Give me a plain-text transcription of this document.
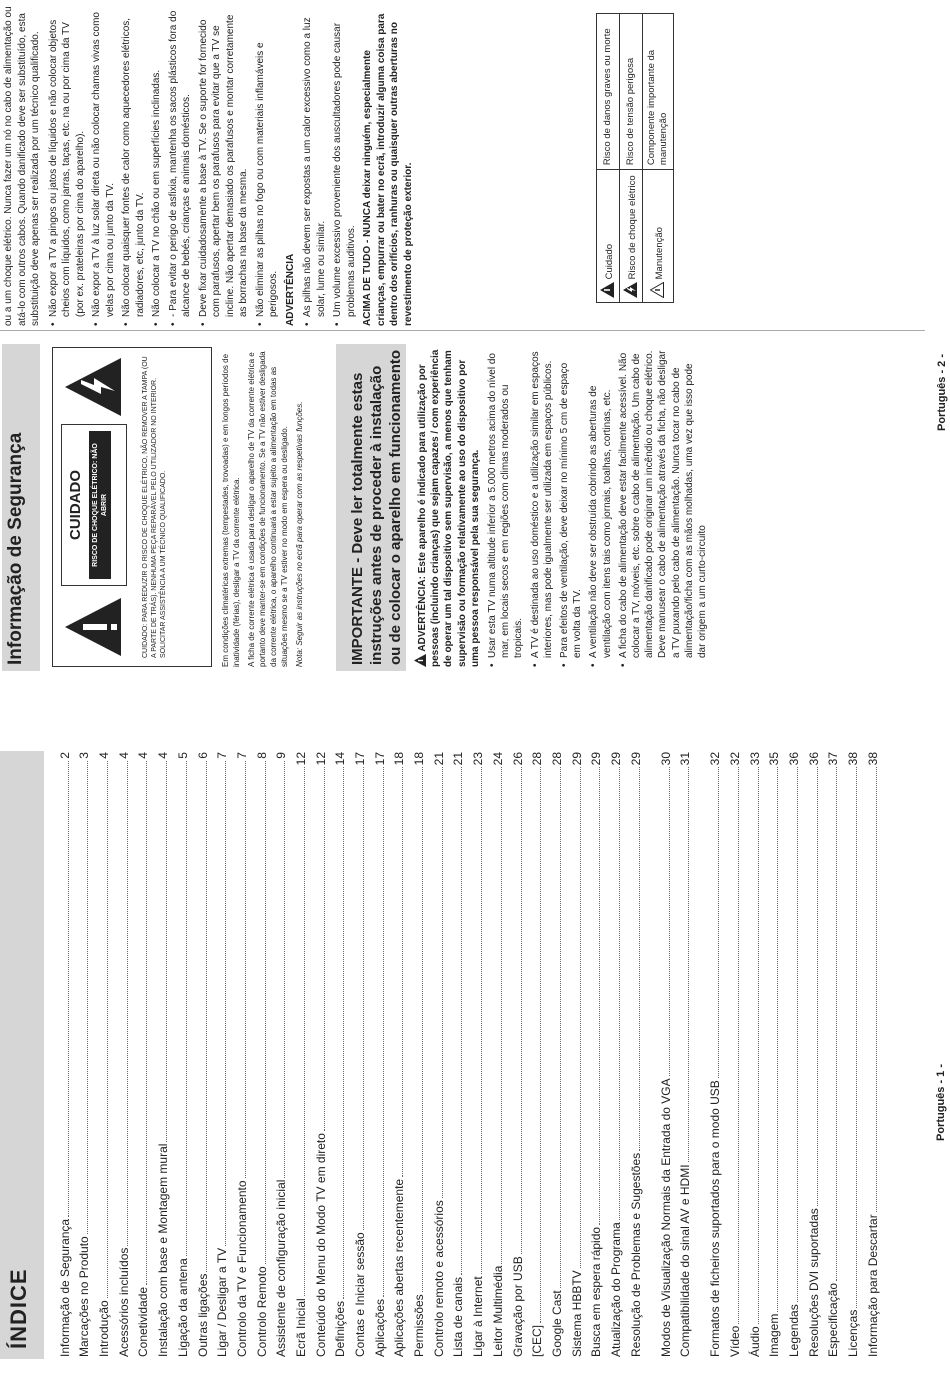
ÍNDICE Informação de Segurança
2
Marcações no Produto
3
Introdução
4
Acessórios incluídos
4
Conetividade
4
Instalação com base e Montagem mural
4
Ligação da antena
5
Outras ligações
6
Ligar / Desligar a TV
7
Controlo da TV e Funcionamento
7
Controlo Remoto
8
Assistente de configuração inicial
9
Ecrã Inicial
12
Conteúdo do Menu do Modo TV em direto
12
Definições
14
Contas e Iniciar sessão
17
Aplicações
17
Aplicações abertas recentemente
18
Permissões
18
Controlo remoto e acessórios
21
Lista de canais
21
Ligar à Internet
23
Leitor Multimédia
24
Gravação por USB
26
[CEC]
28
Google Cast
28
Sistema HBBTV
29
Busca em espera rápido
29
Atualização do Programa
29
Resolução de Problemas e Sugestões
29
Modos de Visualização Normais da Entrada do VGA
30
Compatibilidade do sinal AV e HDMI
31
Formatos de ficheiros suportados para o modo USB
32
Vídeo
32
Áudio
33
Imagem
35
Legendas
36
Resoluções DVI suportadas
36
Especificação
37
Licenças
38
Informação para Descartar
38
Português - 1 -
Informação de Segurança	CUIDADO	RISCO DE CHOQUE ELÉTRICO: NÃO ABRIR	CUIDADO: PARA REDUZIR O RISCO DE CHOQUE ELÉTRICO, NÃO REMOVER A TAMPA (OU A PARTE DE TRÁS). NENHUMA PEÇA REPARÁVEL PELO UTILIZADOR NO INTERIOR. SOLICITAR ASSISTÊNCIA A UM TÉCNICO QUALIFICADO.	Em condições climatéricas extremas (tempestades, trovoadas) e em longos períodos de inatividade (férias), desligar a TV da corrente elétrica. A ficha de corrente elétrica é usada para desligar o aparelho de TV da corrente elétrica e portanto deve manter-se em condições de funcionamento. Se a TV não estiver desligada da corrente elétrica, o aparelho continuará a estar sujeito a alimentação em todas as situações mesmo se a TV estiver no modo em espera ou desligado. Nota: Seguir as instruções no ecrã para operar com as respetivas funções.	IMPORTANTE - Deve ler totalmente estas instruções antes de proceder à instalação ou de colocar o aparelho em funcionamento	ADVERTÊNCIA: Este aparelho é indicado para utilização por pessoas (incluindo crianças) que sejam capazes / com experiência de operar um tal dispositivo sem supervisão, a menos que tenham supervisão ou formação relativamente ao uso do dispositivo por uma pessoa responsável pela sua segurança. • Usar esta TV numa altitude inferior a 5.000 metros acima do nível do mar, em locais secos e em regiões com climas moderados ou tropicais. • A TV é destinada ao uso doméstico e a utilização similar em espaços interiores, mas pode igualmente ser utilizada em espaços públicos. • Para efeitos de ventilação, deve deixar no mínimo 5 cm de espaço em volta da TV. • A ventilação não deve ser obstruída cobrindo as aberturas de ventilação com itens tais como jornais, toalhas, cortinas, etc. • A ficha do cabo de alimentação deve estar facilmente acessível. Não colocar a TV, móveis, etc. sobre o cabo de alimentação. Um cabo de alimentação danificado pode originar um incêndio ou choque elétrico. Deve manusear o cabo de alimentação através da ficha, não desligar a TV puxando pelo cabo de alimentação. Nunca tocar no cabo de alimentação/ficha com as mãos molhadas, uma vez que isso pode dar origem a um curto-circuito

ou a um choque elétrico. Nunca fazer um nó no cabo de alimentação ou atá-lo com outros cabos. Quando danificado deve ser substituído, esta substituição deve apenas ser realizada por um técnico qualificado. • Não expor a TV a pingos ou jatos de líquidos e não colocar objetos cheios com líquidos, como jarras, taças, etc. na ou por cima da TV (por ex. prateleiras por cima do aparelho). • Não expor a TV à luz solar direta ou não colocar chamas vivas como velas por cima ou junto da TV. • Não colocar quaisquer fontes de calor como aquecedores elétricos, radiadores, etc, junto da TV. • Não colocar a TV no chão ou em superfícies inclinadas. • - Para evitar o perigo de asfixia, mantenha os sacos plásticos fora do alcance de bebés, crianças e animais domésticos. • Deve fixar cuidadosamente a base à TV. Se o suporte for fornecido com parafusos, apertar bem os parafusos para evitar que a TV se incline. Não apertar demasiado os parafusos e montar corretamente as borrachas na base da mesma. • Não eliminar as pilhas no fogo ou com materiais inflamáveis e perigosos. ADVERTÊNCIA • As pilhas não devem ser expostas a um calor excessivo como a luz solar, lume ou similar. • Um volume excessivo proveniente dos auscultadores pode causar problemas auditivos. ACIMA DE TUDO - NUNCA deixar ninguém, especialmente crianças, empurrar ou bater no ecrã, introduzir alguma coisa para dentro dos orifícios, ranhuras ou quaisquer outras aberturas no revestimento de proteção exterior.	Cuidado	Risco de danos graves ou morte
Risco de choque elétrico	Risco de tensão perigosa
Manutenção	Componente importante da manutenção
Português - 2 -
